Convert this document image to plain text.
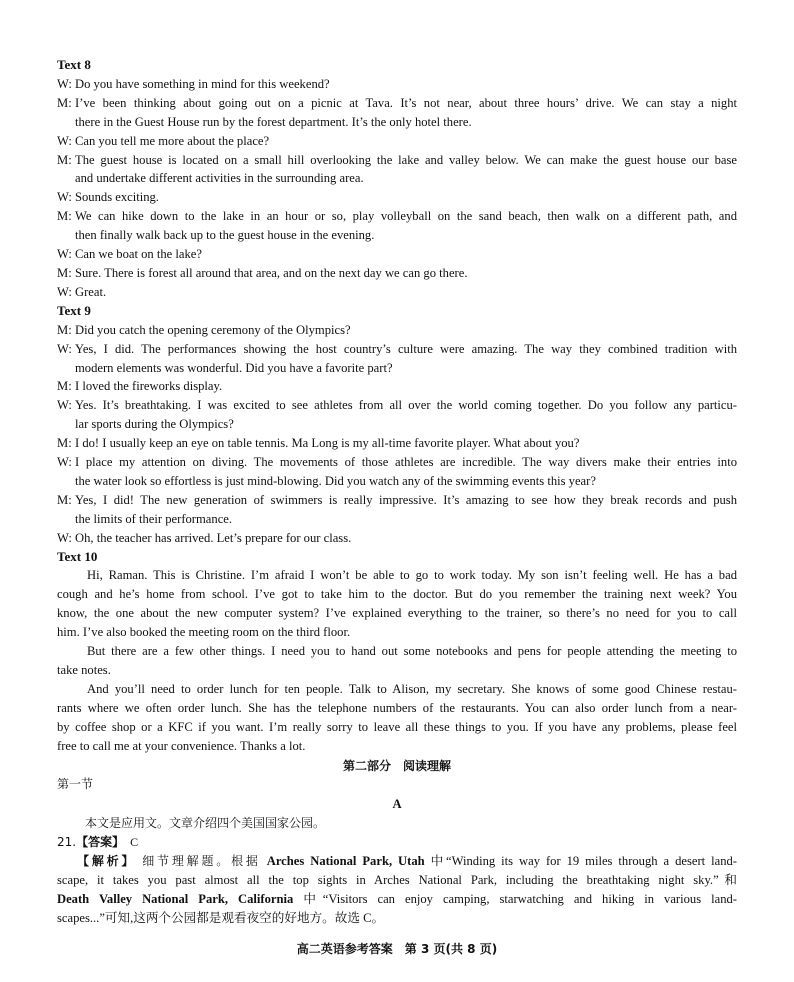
Text 8
W: Do you have something in mind for this weekend?
M: I’ve been thinking about going out on a picnic at Tava. It’s not near, about three hours’ drive. We can stay a night
there in the Guest House run by the forest department. It’s the only hotel there.
W: Can you tell me more about the place?
M: The guest house is located on a small hill overlooking the lake and valley below. We can make the guest house our base
and undertake different activities in the surrounding area.
W: Sounds exciting.
M: We can hike down to the lake in an hour or so, play volleyball on the sand beach, then walk on a different path, and
then finally walk back up to the guest house in the evening.
W: Can we boat on the lake?
M: Sure. There is forest all around that area, and on the next day we can go there.
W: Great.
Text 9
M: Did you catch the opening ceremony of the Olympics?
W: Yes, I did. The performances showing the host country’s culture were amazing. The way they combined tradition with
modern elements was wonderful. Did you have a favorite part?
M: I loved the fireworks display.
W: Yes. It’s breathtaking. I was excited to see athletes from all over the world coming together. Do you follow any particu-
lar sports during the Olympics?
M: I do! I usually keep an eye on table tennis. Ma Long is my all-time favorite player. What about you?
W: I place my attention on diving. The movements of those athletes are incredible. The way divers make their entries into
the water look so effortless is just mind-blowing. Did you watch any of the swimming events this year?
M: Yes, I did! The new generation of swimmers is really impressive. It’s amazing to see how they break records and push
the limits of their performance.
W: Oh, the teacher has arrived. Let’s prepare for our class.
Text 10
Hi, Raman. This is Christine. I’m afraid I won’t be able to go to work today. My son isn’t feeling well. He has a bad
cough and he’s home from school. I’ve got to take him to the doctor. But do you remember the training next week? You
know, the one about the new computer system? I’ve explained everything to the trainer, so there’s no need for you to call
him. I’ve also booked the meeting room on the third floor.
But there are a few other things. I need you to hand out some notebooks and pens for people attending the meeting to
take notes.
And you’ll need to order lunch for ten people. Talk to Alison, my secretary. She knows of some good Chinese restau-
rants where we often order lunch. She has the telephone numbers of the restaurants. You can also order lunch from a near-
by coffee shop or a KFC if you want. I’m really sorry to leave all these things to you. If you have any problems, please feel
free to call me at your convenience. Thanks a lot.
第二部分　阅读理解
第一节
A
本文是应用文。文章介绍四个美国国家公园。
21.【答案】 C
【解析】 细节理解题。根据 Arches National Park, Utah 中“Winding its way for 19 miles through a desert land-
scape, it takes you past almost all the top sights in Arches National Park, including the breathtaking night sky.”和
Death Valley National Park, California 中“Visitors can enjoy camping, starwatching and hiking in various land-
scapes...”可知,这两个公园都是观看夜空的好地方。故选 C。
高二英语参考答案　第 3 页(共 8 页)
